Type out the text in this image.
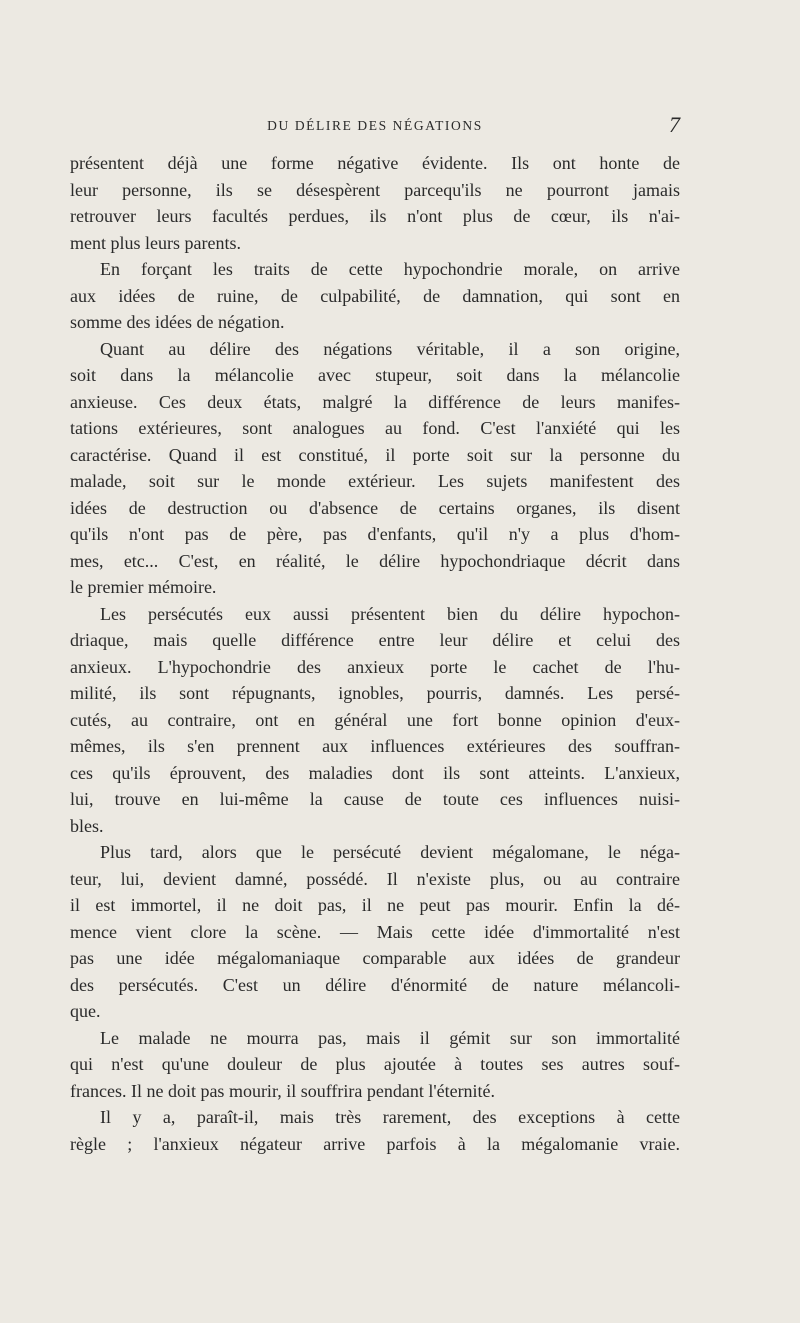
DU DÉLIRE DES NÉGATIONS	7
présentent déjà une forme négative évidente. Ils ont honte de
leur personne, ils se désespèrent parcequ'ils ne pourront jamais
retrouver leurs facultés perdues, ils n'ont plus de cœur, ils n'ai-
ment plus leurs parents.
En forçant les traits de cette hypochondrie morale, on arrive
aux idées de ruine, de culpabilité, de damnation, qui sont en
somme des idées de négation.
Quant au délire des négations véritable, il a son origine,
soit dans la mélancolie avec stupeur, soit dans la mélancolie
anxieuse. Ces deux états, malgré la différence de leurs manifes-
tations extérieures, sont analogues au fond. C'est l'anxiété qui les
caractérise. Quand il est constitué, il porte soit sur la personne du
malade, soit sur le monde extérieur. Les sujets manifestent des
idées de destruction ou d'absence de certains organes, ils disent
qu'ils n'ont pas de père, pas d'enfants, qu'il n'y a plus d'hom-
mes, etc... C'est, en réalité, le délire hypochondriaque décrit dans
le premier mémoire.
Les persécutés eux aussi présentent bien du délire hypochon-
driaque, mais quelle différence entre leur délire et celui des
anxieux. L'hypochondrie des anxieux porte le cachet de l'hu-
milité, ils sont répugnants, ignobles, pourris, damnés. Les persé-
cutés, au contraire, ont en général une fort bonne opinion d'eux-
mêmes, ils s'en prennent aux influences extérieures des souffran-
ces qu'ils éprouvent, des maladies dont ils sont atteints. L'anxieux,
lui, trouve en lui-même la cause de toute ces influences nuisi-
bles.
Plus tard, alors que le persécuté devient mégalomane, le néga-
teur, lui, devient damné, possédé. Il n'existe plus, ou au contraire
il est immortel, il ne doit pas, il ne peut pas mourir. Enfin la dé-
mence vient clore la scène. — Mais cette idée d'immortalité n'est
pas une idée mégalomaniaque comparable aux idées de grandeur
des persécutés. C'est un délire d'énormité de nature mélancoli-
que.
Le malade ne mourra pas, mais il gémit sur son immortalité
qui n'est qu'une douleur de plus ajoutée à toutes ses autres souf-
frances. Il ne doit pas mourir, il souffrira pendant l'éternité.
Il y a, paraît-il, mais très rarement, des exceptions à cette
règle ; l'anxieux négateur arrive parfois à la mégalomanie vraie.
